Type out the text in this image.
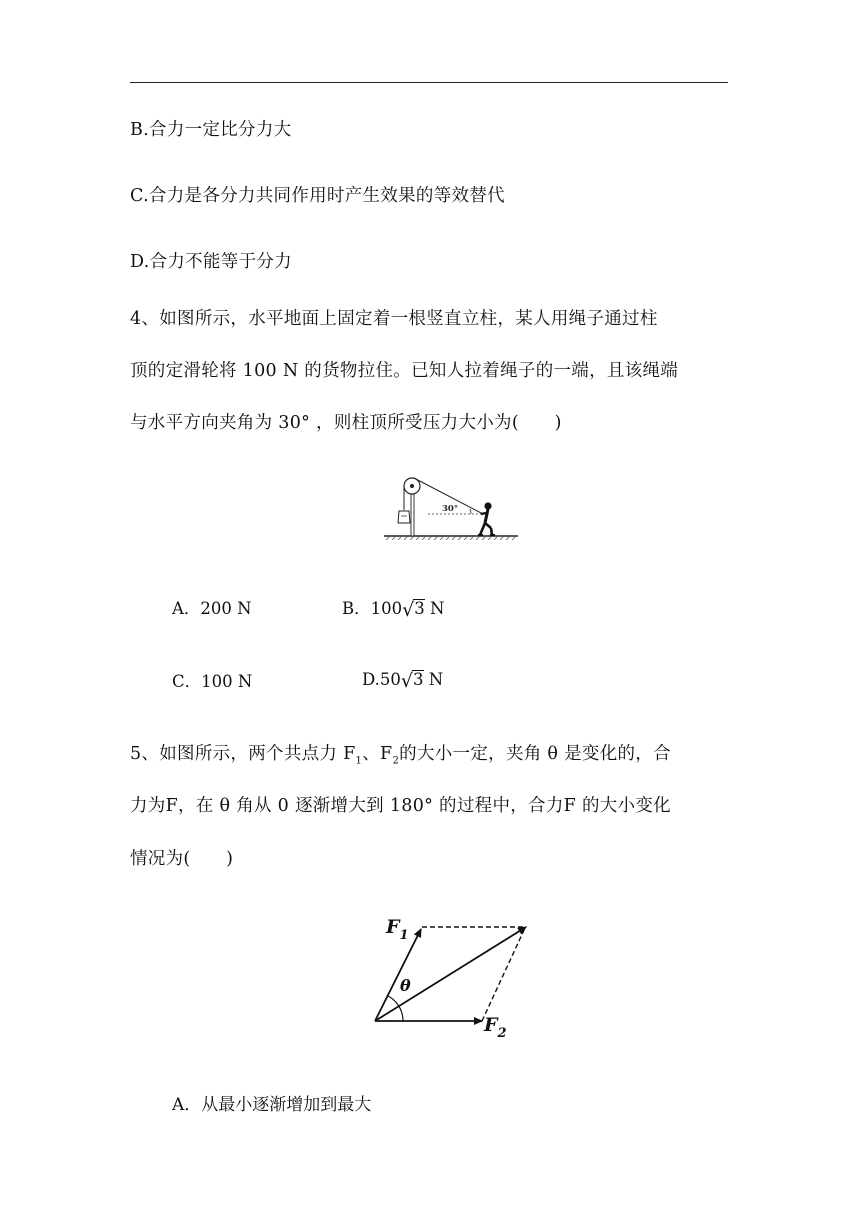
B.合力一定比分力大
C.合力是各分力共同作用时产生效果的等效替代
D.合力不能等于分力
4、如图所示，水平地面上固定着一根竖直立柱，某人用绳子通过柱
顶的定滑轮将 100 N 的货物拉住。已知人拉着绳子的一端，且该绳端
与水平方向夹角为 30° ，则柱顶所受压力大小为(　　)
30°
A．200 N	B．100√3 N
C．100 N	D.50√3 N
5、如图所示，两个共点力 $F_1$、$F_2$的大小一定，夹角 θ 是变化的，合
力为F，在 θ 角从 0 逐渐增大到 180° 的过程中，合力F 的大小变化
情况为(　　)
θ
$F_1$
$F_2$
A．从最小逐渐增加到最大
